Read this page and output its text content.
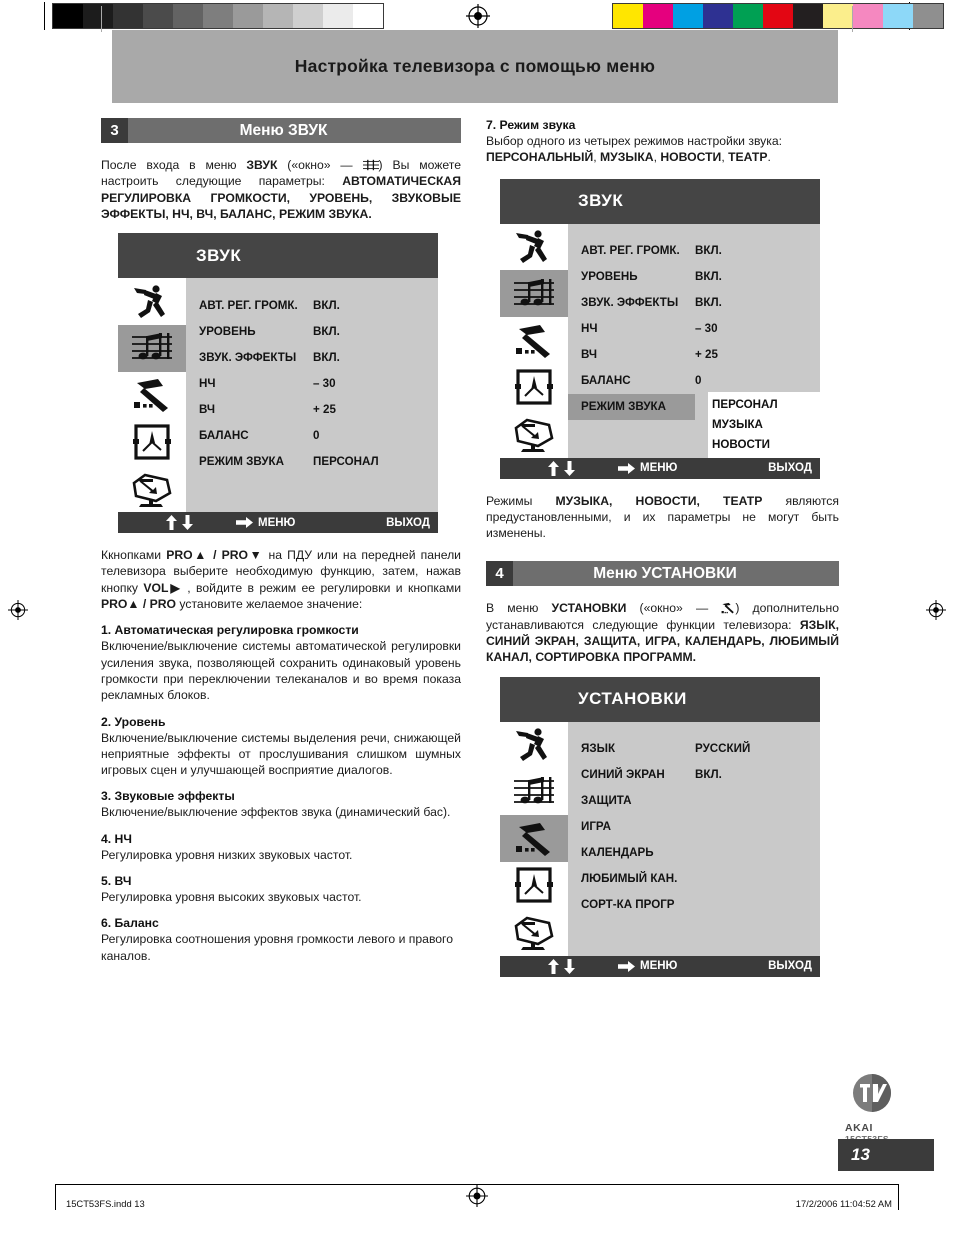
Настройка телевизора с помощью меню
3	Меню ЗВУК
После входа в меню ЗВУК («окно» — ) Вы можете настроить следующие параметры: АВТОМАТИЧЕСКАЯ РЕГУЛИРОВКА ГРОМКОСТИ, УРОВЕНЬ, ЗВУКОВЫЕ ЭФФЕКТЫ, НЧ, ВЧ, БАЛАНС, РЕЖИМ ЗВУКА.
ЗВУК
АВТ. РЕГ. ГРОМК.	ВКЛ.
УРОВЕНЬ	ВКЛ.
ЗВУК. ЭФФЕКТЫ	ВКЛ.
НЧ	– 30
ВЧ	+ 25
БАЛАНС	0
РЕЖИМ ЗВУКА	ПЕРСОНАЛ
МЕНЮ	ВЫХОД
Ккнопками PRO▲ / PRO▼ на ПДУ или на передней панели телевизора выберите необходимую функцию, затем, нажав кнопку VOL▶ , войдите в режим ее регулировки и кнопками PRO▲ / PRO установите желаемое значение:
1. Автоматическая регулировка громкости
Включение/выключение системы автоматической регулировки усиления звука, позволяющей сохранить одинаковый уровень громкости при переключении телеканалов и во время показа рекламных блоков.
2. Уровень
Включение/выключение системы выделения речи, снижающей неприятные эффекты от прослушивания слишком шумных игровых сцен и улучшающей восприятие диалогов.
3. Звуковые эффекты
Включение/выключение эффектов звука (динамический бас).
4. НЧ
Регулировка уровня низких звуковых частот.
5. ВЧ
Регулировка уровня высоких звуковых частот.
6. Баланс
Регулировка соотношения уровня громкости левого и правого каналов.
7. Режим звука
Выбор одного из четырех режимов настройки звука: ПЕРСОНАЛЬНЫЙ, МУЗЫКА, НОВОСТИ, ТЕАТР.
ЗВУК
АВТ. РЕГ. ГРОМК.	ВКЛ.
УРОВЕНЬ	ВКЛ.
ЗВУК. ЭФФЕКТЫ	ВКЛ.
НЧ	– 30
ВЧ	+ 25
БАЛАНС	0
РЕЖИМ ЗВУКА	ПЕРСОНАЛ
МУЗЫКА
НОВОСТИ
МЕНЮ	ВЫХОД
Режимы МУЗЫКА, НОВОСТИ, ТЕАТР являются предустановленными, и их параметры не могут быть изменены.
4	Меню УСТАНОВКИ
В меню УСТАНОВКИ («окно» — ) дополнительно устанавливаются следующие функции телевизора: ЯЗЫК, СИНИЙ ЭКРАН, ЗАЩИТА, ИГРА, КАЛЕНДАРЬ, ЛЮБИМЫЙ КАНАЛ, СОРТИРОВКА ПРОГРАММ.
УСТАНОВКИ
ЯЗЫК	РУССКИЙ
СИНИЙ ЭКРАН	ВКЛ.
ЗАЩИТА
ИГРА
КАЛЕНДАРЬ
ЛЮБИМЫЙ КАН.
СОРТ-КА ПРОГР
МЕНЮ	ВЫХОД
AKAI
13
15CT53FS.indd 13	17/2/2006 11:04:52 AM
